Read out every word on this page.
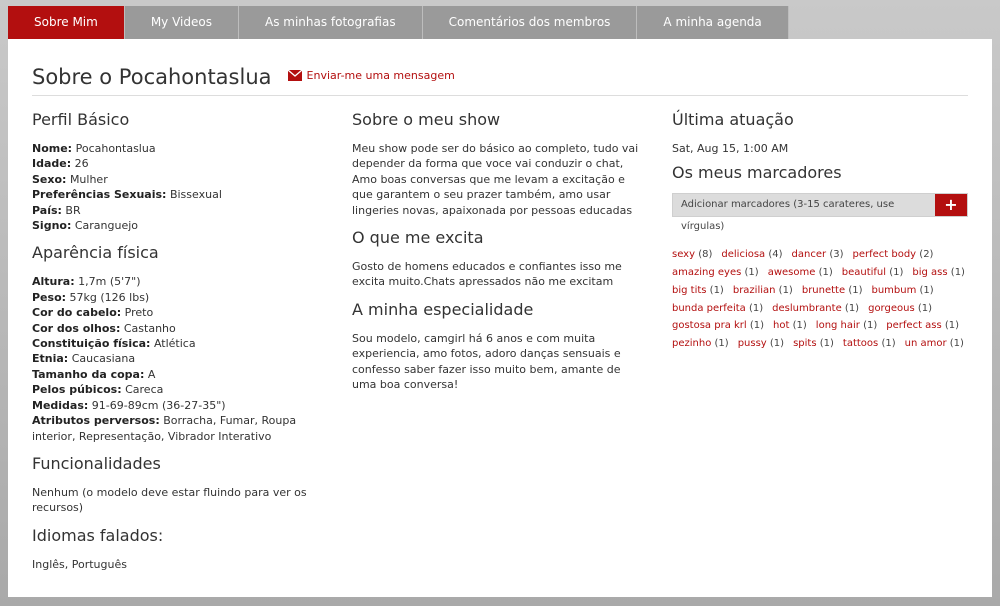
Sobre Mim	My Videos	As minhas fotografias	Comentários dos membros	A minha agenda
Sobre o Pocahontaslua	Enviar-me uma mensagem
Perfil Básico
Nome: Pocahontaslua
Idade: 26
Sexo: Mulher
Preferências Sexuais: Bissexual
País: BR
Signo: Caranguejo
Aparência física
Altura: 1,7m (5'7")
Peso: 57kg (126 lbs)
Cor do cabelo: Preto
Cor dos olhos: Castanho
Constituição física: Atlética
Etnia: Caucasiana
Tamanho da copa: A
Pelos púbicos: Careca
Medidas: 91-69-89cm (36-27-35")
Atributos perversos: Borracha, Fumar, Roupa interior, Representação, Vibrador Interativo
Funcionalidades
Nenhum (o modelo deve estar fluindo para ver os recursos)
Idiomas falados:
Inglês, Português
Sobre o meu show
Meu show pode ser do básico ao completo, tudo vai depender da forma que voce vai conduzir o chat, Amo boas conversas que me levam a excitação e que garantem o seu prazer também, amo usar lingeries novas, apaixonada por pessoas educadas
O que me excita
Gosto de homens educados e confiantes isso me excita muito.Chats apressados não me excitam
A minha especialidade
Sou modelo, camgirl há 6 anos e com muita experiencia, amo fotos, adoro danças sensuais e confesso saber fazer isso muito bem, amante de uma boa conversa!
Última atuação
Sat, Aug 15, 1:00 AM
Os meus marcadores
Adicionar marcadores (3-15 carateres, use vírgulas)
+
sexy (8) deliciosa (4) dancer (3) perfect body (2)
amazing eyes (1) awesome (1) beautiful (1) big ass (1)
big tits (1) brazilian (1) brunette (1) bumbum (1)
bunda perfeita (1) deslumbrante (1) gorgeous (1)
gostosa pra krl (1) hot (1) long hair (1) perfect ass (1)
pezinho (1) pussy (1) spits (1) tattoos (1) un amor (1)
